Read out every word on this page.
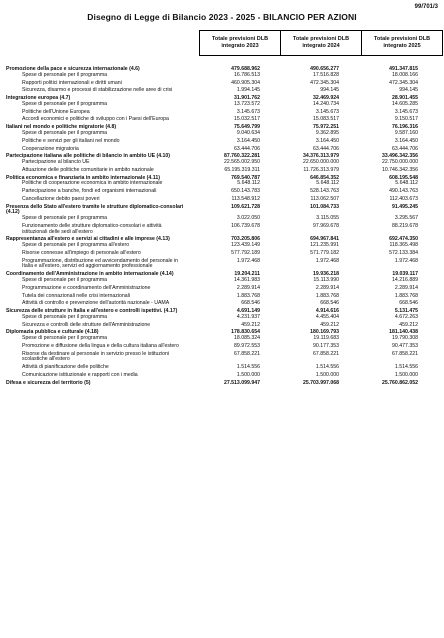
99/701/3
Disegno di Legge di Bilancio 2023 - 2025 - BILANCIO PER AZIONI
Totale previsioni DLB integrato 2023
Totale previsioni DLB integrato 2024
Totale previsioni DLB integrato 2025
Promozione della pace e sicurezza internazionale (4.6)	479.688.962	490.656.277	491.347.815
Spese di personale per il programma	16.786.513	17.516.828	18.008.166
Rapporti politici internazionali e diritti umani	460.905.304	472.345.304	472.345.304
Sicurezza, disarmo e processi di stabilizzazione nelle aree di crisi	1.994.145	994.145	994.145
Integrazione europea (4.7)	31.901.762	32.469.924	28.901.455
Spese di personale per il programma	13.723.572	14.240.734	14.605.285
Politiche dell'Unione Europea	3.145.673	3.145.673	3.145.673
Accordi economici e politiche di sviluppo con i Paesi dell'Europa	15.032.517	15.083.517	9.150.517
Italiani nel mondo e politiche migratorie (4.8)	75.649.799	75.972.251	76.196.316
Spese di personale per il programma	9.040.634	9.362.895	9.587.160
Politiche e servizi per gli italiani nel mondo	3.164.450	3.164.450	3.164.450
Cooperazione migratoria	63.444.706	63.444.706	63.444.706
Partecipazione italiana alle politiche di bilancio in ambito UE (4.10)	87.760.322.281	34.376.313.979	33.496.342.356
Partecipazione al bilancio UE	22.565.002.950	22.650.000.000	22.750.000.000
Attuazione delle politiche comunitarie in ambito nazionale	65.195.319.311	11.726.313.979	10.746.342.356
Politica economica e finanziaria in ambito internazionale (4.11)	769.540.787	646.854.352	608.195.548
Politiche di cooperazione economica in ambito internazionale	5.648.112	5.648.112	5.648.112
Partecipazione a banche, fondi ed organismi internazionali	650.143.783	528.143.763	490.143.763
Cancellazione debito paesi poveri	113.548.912	113.062.507	112.403.673
Presenza dello Stato all'estero tramite le strutture diplomatico-consolari (4.12)
109.621.728	101.084.733	91.495.245
Spese di personale per il programma	3.022.050	3.115.055	3.295.567
Funzionamento delle strutture diplomatico-consolari e attività istituzionali delle sedi all'estero
106.739.678	97.969.678	88.219.678
Rappresentanza all'estero e servizi ai cittadini e alle imprese (4.13)	703.205.806	694.967.841	692.474.350
Spese di personale per il programma all'estero	123.439.149	121.235.991	118.365.498
Risorse connesse all'impiego di personale all'estero	577.792.189	571.779.182	572.133.384
Programmazione, distribuzione ed avvicendamento del personale in Italia e all'estero, servizi ed aggiornamento professionale
1.972.468	1.972.468	1.972.468
Coordinamento dell'Amministrazione in ambito internazionale (4.14)	19.204.211	19.936.218	19.039.117
Spese di personale per il programma	14.361.983	15.113.990	14.216.889
Programmazione e coordinamento dell'Amministrazione	2.289.914	2.289.914	2.289.914
Tutela dei connazionali nelle crisi internazionali	1.883.768	1.883.768	1.883.768
Attività di controllo e prevenzione dell'autorità nazionale - UAMA	668.546	668.546	668.546
Sicurezza delle strutture in Italia e all'estero e controlli ispettivi. (4.17)	4.691.149	4.914.616	5.131.475
Spese di personale per il programma	4.231.937	4.455.404	4.672.263
Sicurezza e controlli delle strutture dell'Amministrazione	459.212	459.212	459.212
Diplomazia pubblica e culturale (4.18)	178.830.654	180.169.793	181.140.438
Spese di personale per il programma	18.085.324	19.119.683	19.790.308
Promozione e diffusione della lingua e della cultura italiana all'estero	89.972.553	90.177.353	90.477.353
Risorse da destinare al personale in servizio presso le istituzioni scolastiche all'estero
67.858.221	67.858.221	67.858.221
Attività di pianificazione delle politiche	1.514.556	1.514.556	1.514.556
Comunicazione istituzionale e rapporti con i media	1.500.000	1.500.000	1.500.000
Difesa e sicurezza del territorio (5)	27.513.099.947	25.703.997.068	25.760.862.052
